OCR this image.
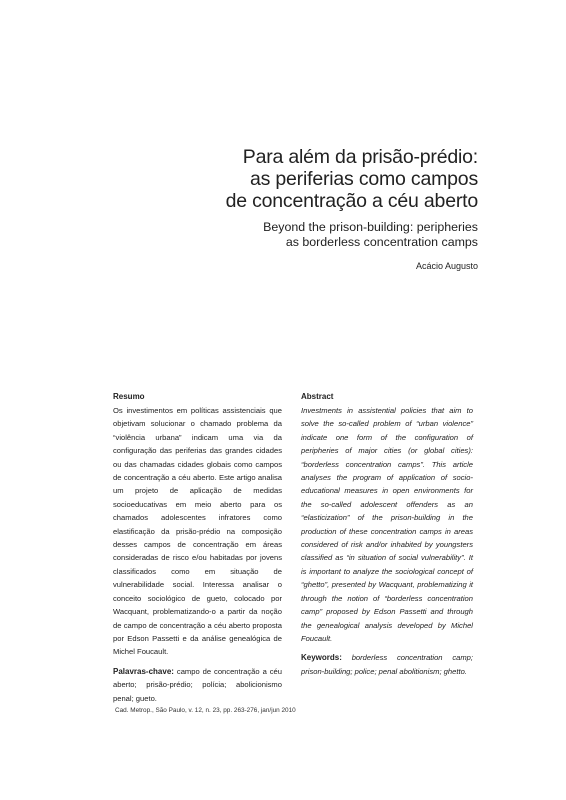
Para além da prisão-prédio:
as periferias como campos
de concentração a céu aberto
Beyond the prison-building: peripheries
as borderless concentration camps
Acácio Augusto
Resumo
Os investimentos em políticas assistenciais que objetivam solucionar o chamado problema da “violência urbana” indicam uma via da configuração das periferias das grandes cidades ou das chamadas cidades globais como campos de concentração a céu aberto. Este artigo analisa um projeto de aplicação de medidas socioeducativas em meio aberto para os chamados adolescentes infratores como elastificação da prisão-prédio na composição desses campos de concentração em áreas consideradas de risco e/ou habitadas por jovens classificados como em situação de vulnerabilidade social. Interessa analisar o conceito sociológico de gueto, colocado por Wacquant, problematizando-o a partir da noção de campo de concentração a céu aberto proposta por Edson Passetti e da análise genealógica de Michel Foucault.
Palavras-chave: campo de concentração a céu aberto; prisão-prédio; polícia; abolicionismo penal; gueto.
Abstract
Investments in assistential policies that aim to solve the so-called problem of “urban violence” indicate one form of the configuration of peripheries of major cities (or global cities): “borderless concentration camps”. This article analyses the program of application of socio-educational measures in open environments for the so-called adolescent offenders as an “elasticization” of the prison-building in the production of these concentration camps in areas considered of risk and/or inhabited by youngsters classified as “in situation of social vulnerability”. It is important to analyze the sociological concept of “ghetto”, presented by Wacquant, problematizing it through the notion of “borderless concentration camp” proposed by Edson Passetti and through the genealogical analysis developed by Michel Foucault.
Keywords: borderless concentration camp; prison-building; police; penal abolitionism; ghetto.
Cad. Metrop., São Paulo, v. 12, n. 23, pp. 263-276, jan/jun 2010
